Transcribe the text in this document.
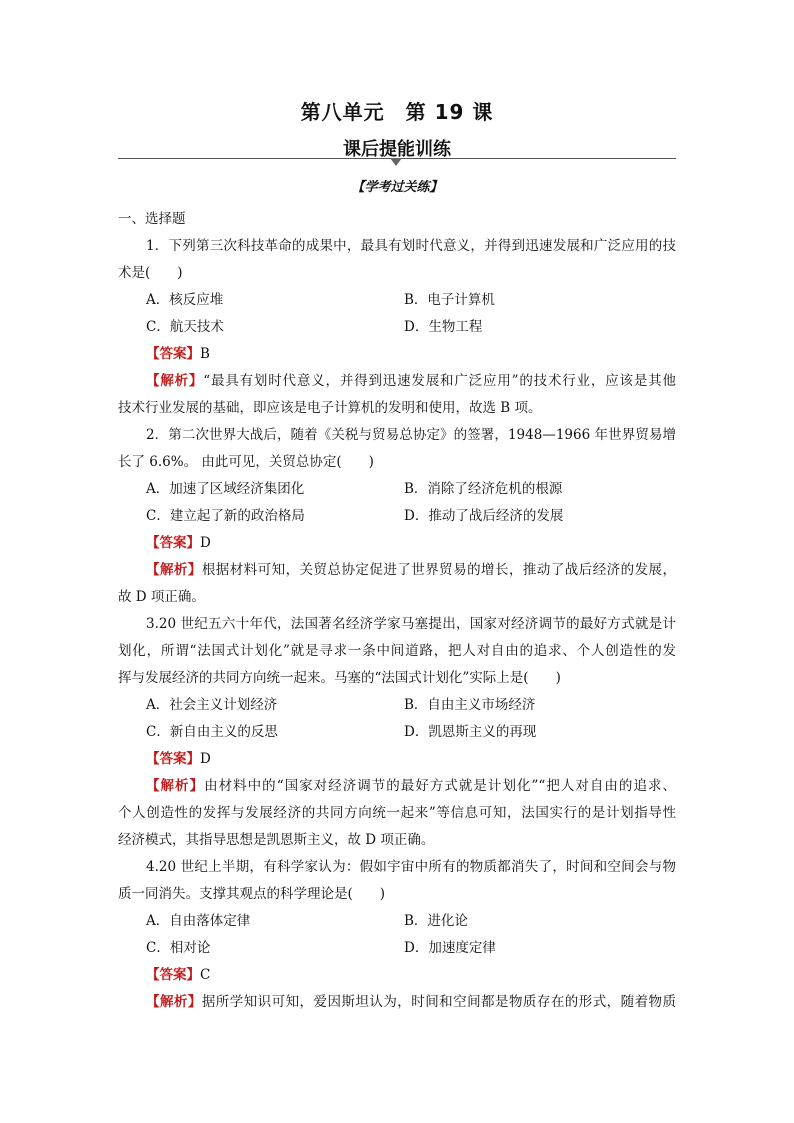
第八单元　第 19 课
课后提能训练
【学考过关练】
一、选择题
1．下列第三次科技革命的成果中，最具有划时代意义，并得到迅速发展和广泛应用的技
术是(　　)
A．核反应堆	B．电子计算机
C．航天技术	D．生物工程
【答案】B
【解析】“最具有划时代意义，并得到迅速发展和广泛应用”的技术行业，应该是其他
技术行业发展的基础，即应该是电子计算机的发明和使用，故选 B 项。
2．第二次世界大战后，随着《关税与贸易总协定》的签署，1948—1966 年世界贸易增
长了 6.6%。 由此可见，关贸总协定(　　)
A．加速了区域经济集团化	B．消除了经济危机的根源
C．建立起了新的政治格局	D．推动了战后经济的发展
【答案】D
【解析】根据材料可知，关贸总协定促进了世界贸易的增长，推动了战后经济的发展，
故 D 项正确。
3.20 世纪五六十年代，法国著名经济学家马塞提出，国家对经济调节的最好方式就是计
划化，所谓“法国式计划化”就是寻求一条中间道路，把人对自由的追求、个人创造性的发
挥与发展经济的共同方向统一起来。马塞的“法国式计划化”实际上是(　　)
A．社会主义计划经济	B．自由主义市场经济
C．新自由主义的反思	D．凯恩斯主义的再现
【答案】D
【解析】由材料中的“国家对经济调节的最好方式就是计划化”“把人对自由的追求、
个人创造性的发挥与发展经济的共同方向统一起来”等信息可知，法国实行的是计划指导性
经济模式，其指导思想是凯恩斯主义，故 D 项正确。
4.20 世纪上半期，有科学家认为：假如宇宙中所有的物质都消失了，时间和空间会与物
质一同消失。支撑其观点的科学理论是(　　)
A．自由落体定律	B．进化论
C．相对论	D．加速度定律
【答案】C
【解析】据所学知识可知，爱因斯坦认为，时间和空间都是物质存在的形式，随着物质
